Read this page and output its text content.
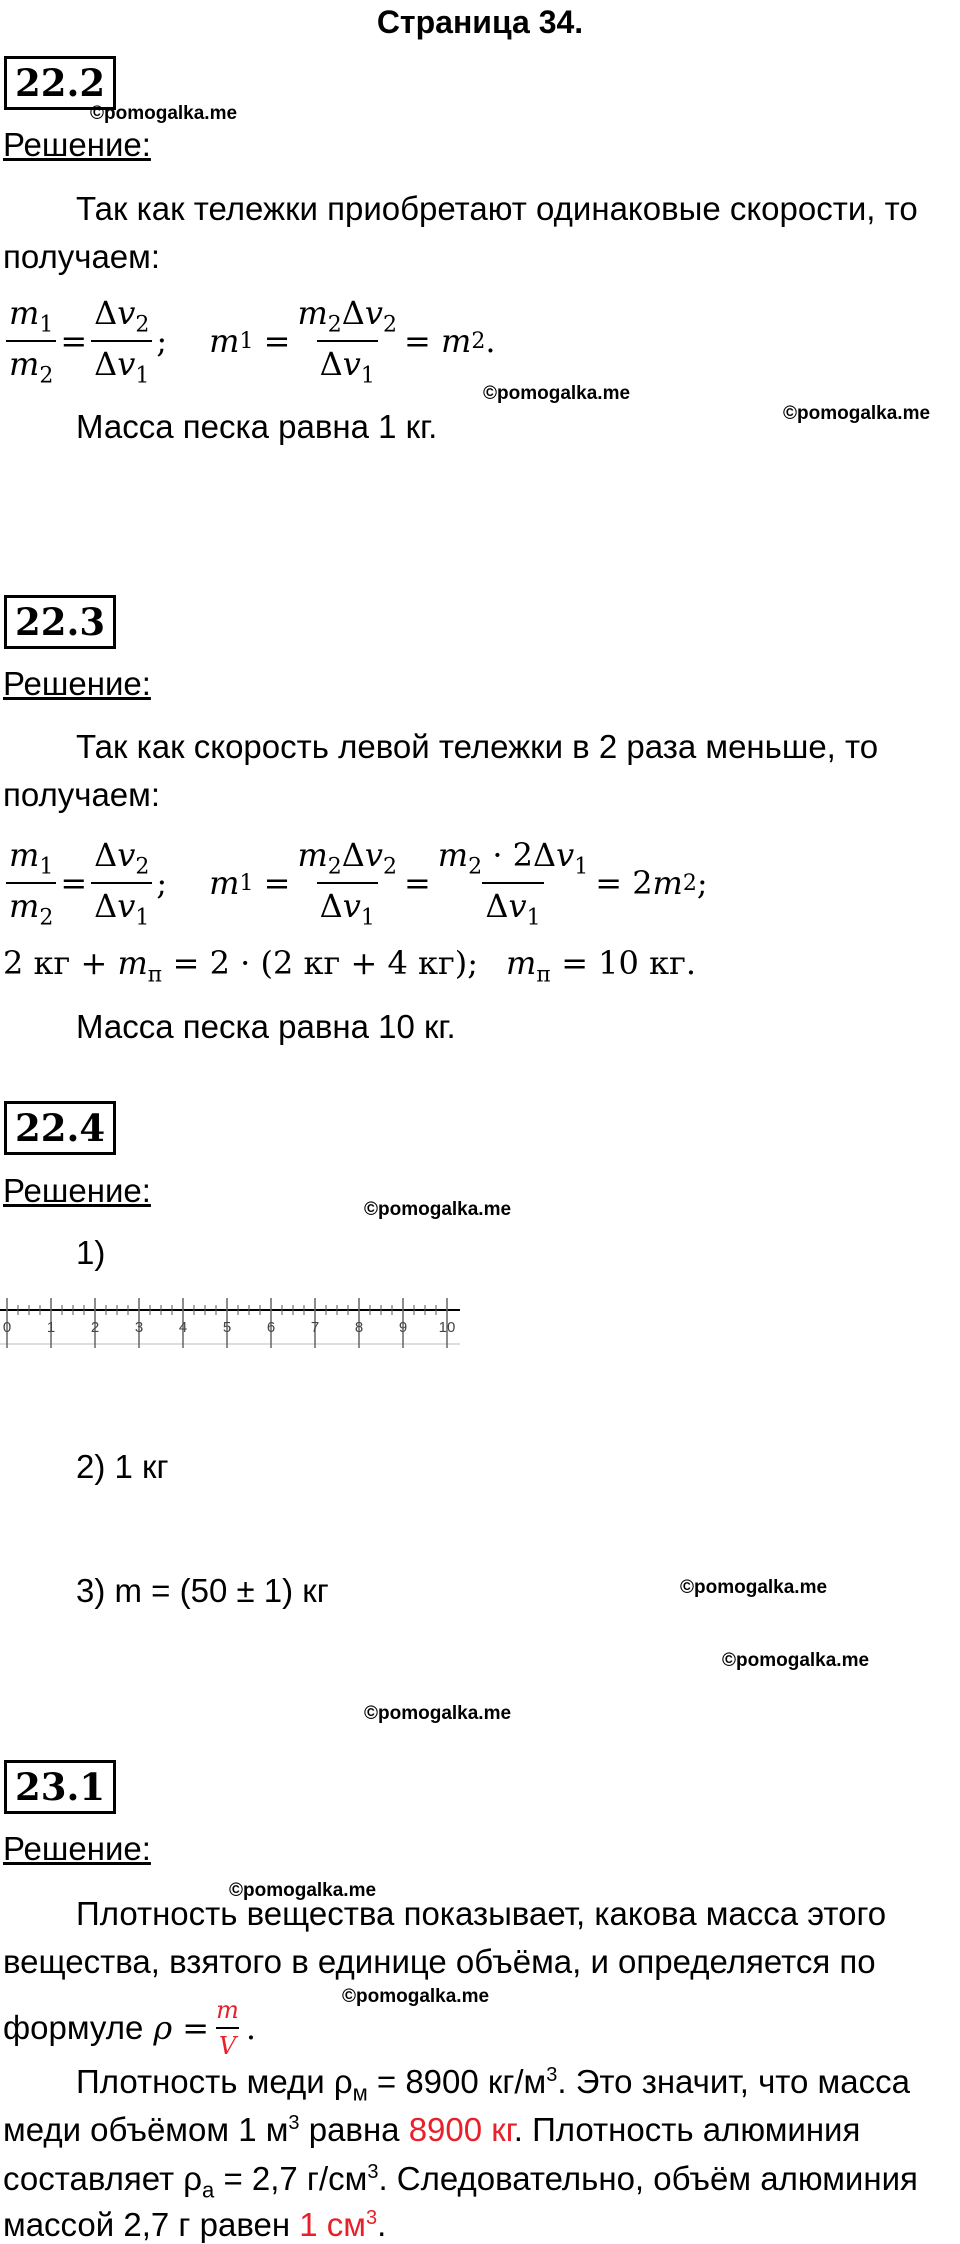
Страница 34.
22.2
©pomogalka.me
Решение:
Так как тележки приобретают одинаковые скорости, то
получаем:
$\frac{m_1}{m_2} = \frac{\Delta v_2}{\Delta v_1}$ ; m $1 = \frac{m_2\Delta v_2}{\Delta v_1} = m$ 2 .
©pomogalka.me
©pomogalka.me
Масса песка равна 1 кг.
22.3
Решение:
Так как скорость левой тележки в 2 раза меньше, то
получаем:
$\frac{m_1}{m_2} = \frac{\Delta v_2}{\Delta v_1}$ ; m $1 = \frac{m_2\Delta v_2}{\Delta v_1} = \frac{m_2 \cdot 2\Delta v_1}{\Delta v_1} = 2$ m 2 ;
2 кг + $m_п = 2 \cdot (2$ кг + 4 кг); $m_п = 10$ кг.
Масса песка равна 10 кг.
22.4
Решение:
©pomogalka.me
1)
0 1 2 3 4 5 6 7 8 9 10
2) 1 кг
3) m = (50 ± 1) кг	©pomogalka.me
©pomogalka.me
©pomogalka.me
23.1
Решение:
©pomogalka.me
Плотность вещества показывает, какова масса этого
вещества, взятого в единице объёма, и определяется по
формуле $\rho = \frac{m}{V}$ .
©pomogalka.me
Плотность меди $\rho_м = 8900$ $кг/м^3$. Это значит, что масса
меди объёмом 1 $м^3$ равна 8900 кг. Плотность алюминия
составляет $\rho_а = 2,7$ $г/см^3$. Следовательно, объём алюминия
массой 2,7 г равен 1 $см^3$.
